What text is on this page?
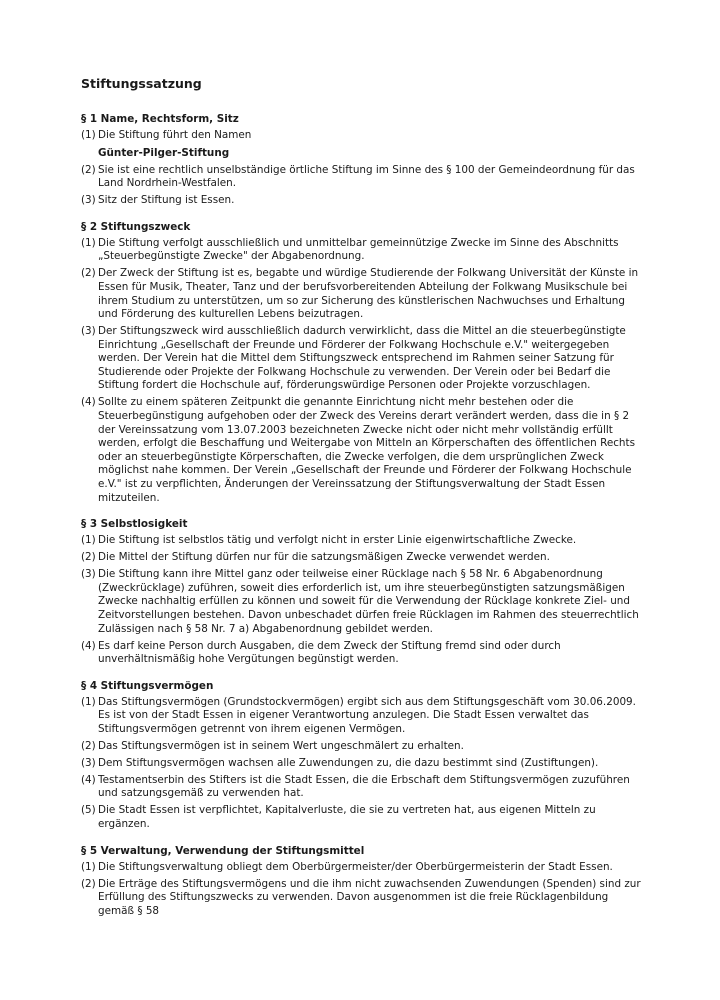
Stiftungssatzung
§ 1 Name, Rechtsform, Sitz
(1) Die Stiftung führt den Namen
Günter-Pilger-Stiftung
(2) Sie ist eine rechtlich unselbständige örtliche Stiftung im Sinne des § 100 der Gemeindeordnung für das Land Nordrhein-Westfalen.
(3) Sitz der Stiftung ist Essen.
§ 2 Stiftungszweck
(1) Die Stiftung verfolgt ausschließlich und unmittelbar gemeinnützige Zwecke im Sinne des Abschnitts „Steuerbegünstigte Zwecke" der Abgabenordnung.
(2) Der Zweck der Stiftung ist es, begabte und würdige Studierende der Folkwang Universität der Künste in Essen für Musik, Theater, Tanz und der berufsvorbereitenden Abteilung der Folkwang Musikschule bei ihrem Studium zu unterstützen, um so zur Sicherung des künstlerischen Nachwuchses und Erhaltung und Förderung des kulturellen Lebens beizutragen.
(3) Der Stiftungszweck wird ausschließlich dadurch verwirklicht, dass die Mittel an die steuerbegünstigte Einrichtung „Gesellschaft der Freunde und Förderer der Folkwang Hochschule e.V." weitergegeben werden. Der Verein hat die Mittel dem Stiftungszweck entsprechend im Rahmen seiner Satzung für Studierende oder Projekte der Folkwang Hochschule zu verwenden. Der Verein oder bei Bedarf die Stiftung fordert die Hochschule auf, förderungswürdige Personen oder Projekte vorzuschlagen.
(4) Sollte zu einem späteren Zeitpunkt die genannte Einrichtung nicht mehr bestehen oder die Steuerbegünstigung aufgehoben oder der Zweck des Vereins derart verändert werden, dass die in § 2 der Vereinssatzung vom 13.07.2003 bezeichneten Zwecke nicht oder nicht mehr vollständig erfüllt werden, erfolgt die Beschaffung und Weitergabe von Mitteln an Körperschaften des öffentlichen Rechts oder an steuerbegünstigte Körperschaften, die Zwecke verfolgen, die dem ursprünglichen Zweck möglichst nahe kommen. Der Verein „Gesellschaft der Freunde und Förderer der Folkwang Hochschule e.V." ist zu verpflichten, Änderungen der Vereinssatzung der Stiftungsverwaltung der Stadt Essen mitzuteilen.
§ 3 Selbstlosigkeit
(1) Die Stiftung ist selbstlos tätig und verfolgt nicht in erster Linie eigenwirtschaftliche Zwecke.
(2) Die Mittel der Stiftung dürfen nur für die satzungsmäßigen Zwecke verwendet werden.
(3) Die Stiftung kann ihre Mittel ganz oder teilweise einer Rücklage nach § 58 Nr. 6 Abgabenordnung (Zweckrücklage) zuführen, soweit dies erforderlich ist, um ihre steuerbegünstigten satzungsmäßigen Zwecke nachhaltig erfüllen zu können und soweit für die Verwendung der Rücklage konkrete Ziel- und Zeitvorstellungen bestehen. Davon unbeschadet dürfen freie Rücklagen im Rahmen des steuerrechtlich Zulässigen nach § 58 Nr. 7 a) Abgabenordnung gebildet werden.
(4) Es darf keine Person durch Ausgaben, die dem Zweck der Stiftung fremd sind oder durch unverhältnismäßig hohe Vergütungen begünstigt werden.
§ 4 Stiftungsvermögen
(1) Das Stiftungsvermögen (Grundstockvermögen) ergibt sich aus dem Stiftungsgeschäft vom 30.06.2009. Es ist von der Stadt Essen in eigener Verantwortung anzulegen. Die Stadt Essen verwaltet das Stiftungsvermögen getrennt von ihrem eigenen Vermögen.
(2) Das Stiftungsvermögen ist in seinem Wert ungeschmälert zu erhalten.
(3) Dem Stiftungsvermögen wachsen alle Zuwendungen zu, die dazu bestimmt sind (Zustiftungen).
(4) Testamentserbin des Stifters ist die Stadt Essen, die die Erbschaft dem Stiftungsvermögen zuzuführen und satzungsgemäß zu verwenden hat.
(5) Die Stadt Essen ist verpflichtet, Kapitalverluste, die sie zu vertreten hat, aus eigenen Mitteln zu ergänzen.
§ 5 Verwaltung, Verwendung der Stiftungsmittel
(1) Die Stiftungsverwaltung obliegt dem Oberbürgermeister/der Oberbürgermeisterin der Stadt Essen.
(2) Die Erträge des Stiftungsvermögens und die ihm nicht zuwachsenden Zuwendungen (Spenden) sind zur Erfüllung des Stiftungszwecks zu verwenden. Davon ausgenommen ist die freie Rücklagenbildung gemäß § 58
